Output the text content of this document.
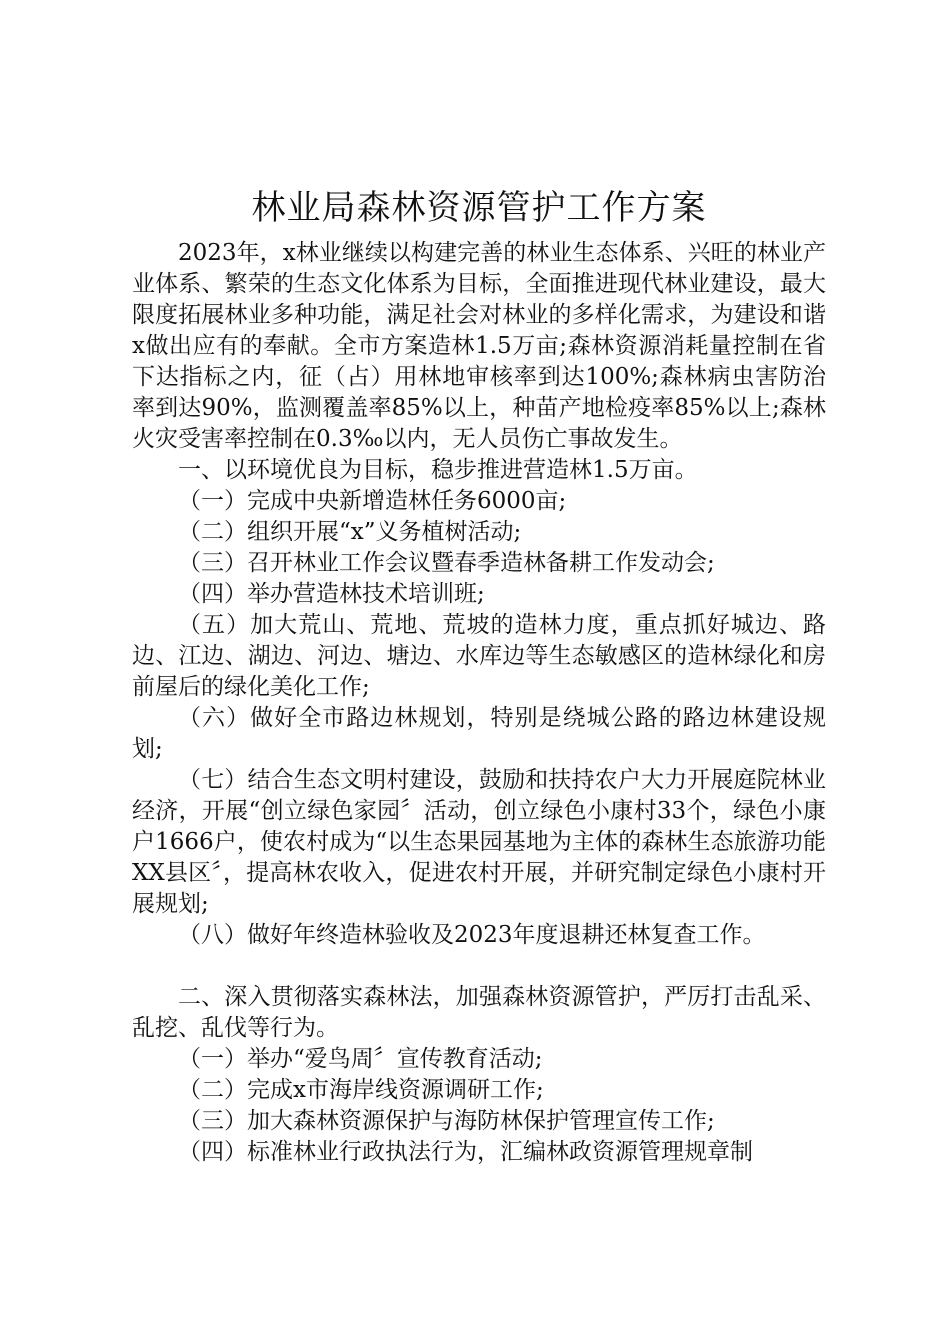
林业局森林资源管护工作方案

2023年，x林业继续以构建完善的林业生态体系、兴旺的林业产业体系、繁荣的生态文化体系为目标，全面推进现代林业建设，最大限度拓展林业多种功能，满足社会对林业的多样化需求，为建设和谐x做出应有的奉献。全市方案造林1.5万亩;森林资源消耗量控制在省下达指标之内，征（占）用林地审核率到达100%;森林病虫害防治率到达90%，监测覆盖率85%以上，种苗产地检疫率85%以上;森林火灾受害率控制在0.3‰以内，无人员伤亡事故发生。

一、以环境优良为目标，稳步推进营造林1.5万亩。

（一）完成中央新增造林任务6000亩;

（二）组织开展“x”义务植树活动;

（三）召开林业工作会议暨春季造林备耕工作发动会;

（四）举办营造林技术培训班;

（五）加大荒山、荒地、荒坡的造林力度，重点抓好城边、路边、江边、湖边、河边、塘边、水库边等生态敏感区的造林绿化和房前屋后的绿化美化工作;

（六）做好全市路边林规划，特别是绕城公路的路边林建设规划;

（七）结合生态文明村建设，鼓励和扶持农户大力开展庭院林业经济，开展“创立绿色家园〞活动，创立绿色小康村33个，绿色小康户1666户，使农村成为“以生态果园基地为主体的森林生态旅游功能XX县区〞，提高林农收入，促进农村开展，并研究制定绿色小康村开展规划;

（八）做好年终造林验收及2023年度退耕还林复查工作。

二、深入贯彻落实森林法，加强森林资源管护，严厉打击乱采、乱挖、乱伐等行为。

（一）举办“爱鸟周〞宣传教育活动;

（二）完成x市海岸线资源调研工作;

（三）加大森林资源保护与海防林保护管理宣传工作;

（四）标准林业行政执法行为，汇编林政资源管理规章制
